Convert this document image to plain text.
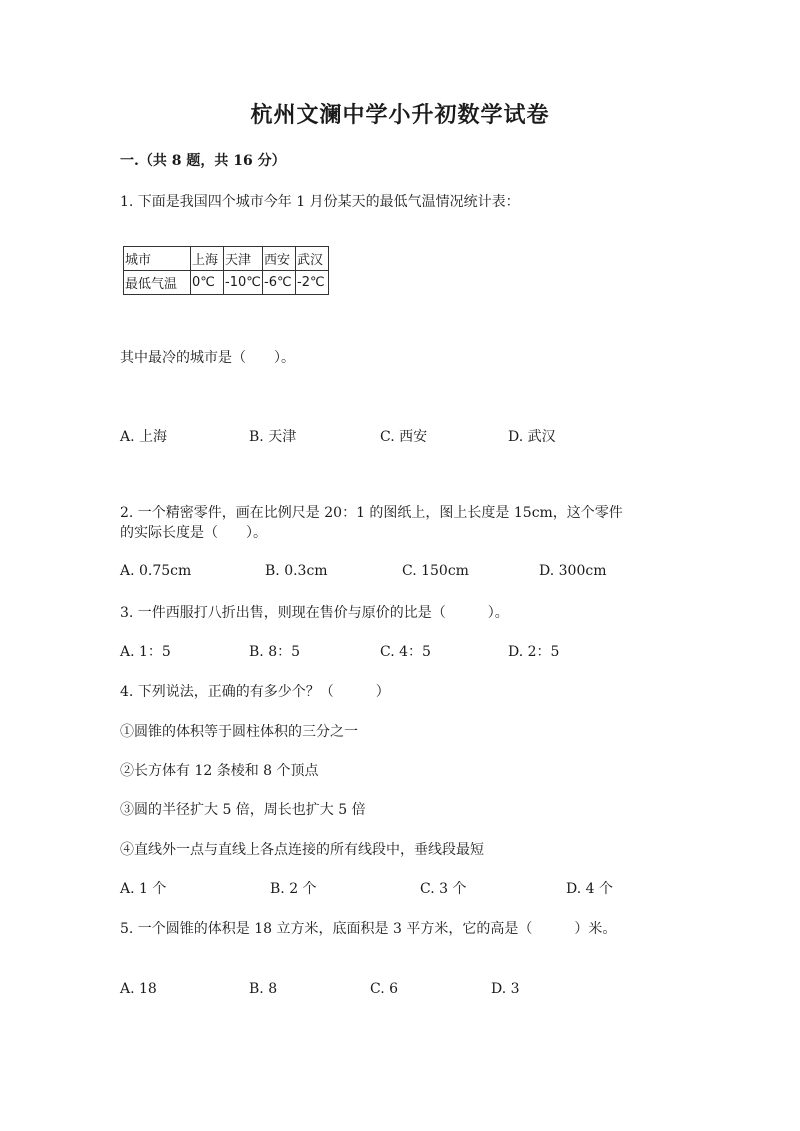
杭州文澜中学小升初数学试卷
一.（共 8 题，共 16 分）
1. 下面是我国四个城市今年 1 月份某天的最低气温情况统计表：
城市	上海	天津	西安	武汉
最低气温	0℃	-10℃	-6℃	-2℃
其中最冷的城市是（　　）。
A. 上海	B. 天津	C. 西安	D. 武汉
2. 一个精密零件，画在比例尺是 20：1 的图纸上，图上长度是 15cm，这个零件
的实际长度是（　　）。
A. 0.75cm	B. 0.3cm	C. 150cm	D. 300cm
3. 一件西服打八折出售，则现在售价与原价的比是（　　　）。
A. 1：5	B. 8：5	C. 4：5	D. 2：5
4. 下列说法，正确的有多少个？（　　　）
①圆锥的体积等于圆柱体积的三分之一
②长方体有 12 条棱和 8 个顶点
③圆的半径扩大 5 倍，周长也扩大 5 倍
④直线外一点与直线上各点连接的所有线段中，垂线段最短
A. 1 个	B. 2 个	C. 3 个	D. 4 个
5. 一个圆锥的体积是 18 立方米，底面积是 3 平方米，它的高是（　　　）米。
A. 18	B. 8	C. 6	D. 3
